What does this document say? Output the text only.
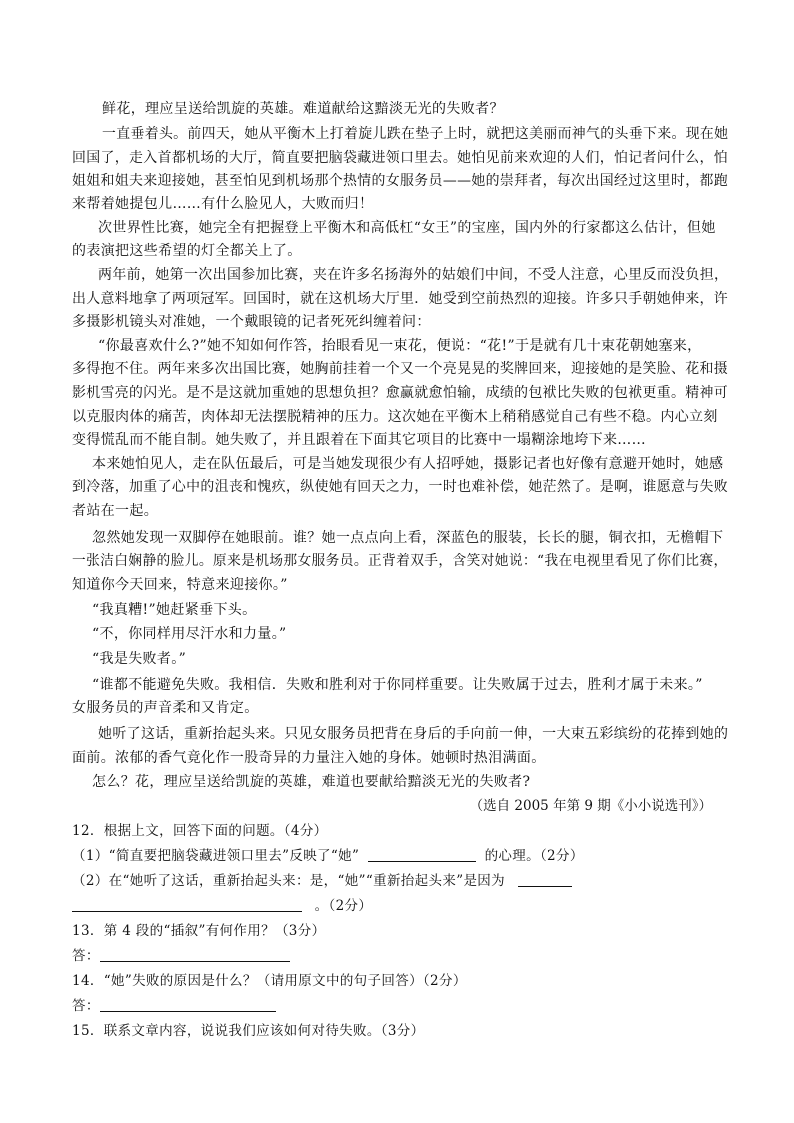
鲜花，理应呈送给凯旋的英雄。难道献给这黯淡无光的失败者？
一直垂着头。前四天，她从平衡木上打着旋儿跌在垫子上时，就把这美丽而神气的头垂下来。现在她
回国了，走入首都机场的大厅，简直要把脑袋藏进领口里去。她怕见前来欢迎的人们，怕记者问什么，怕
姐姐和姐夫来迎接她，甚至怕见到机场那个热情的女服务员——她的崇拜者，每次出国经过这里时，都跑
来帮着她提包儿……有什么脸见人，大败而归！
次世界性比赛，她完全有把握登上平衡木和高低杠“女王”的宝座，国内外的行家都这么估计，但她
的表演把这些希望的灯全都关上了。
两年前，她第一次出国参加比赛，夹在许多名扬海外的姑娘们中间，不受人注意，心里反而没负担，
出人意料地拿了两项冠军。回国时，就在这机场大厅里．她受到空前热烈的迎接。许多只手朝她伸来，许
多摄影机镜头对准她，一个戴眼镜的记者死死纠缠着问：
“你最喜欢什么?”她不知如何作答，抬眼看见一束花，便说：“花!”于是就有几十束花朝她塞来，
多得抱不住。两年来多次出国比赛，她胸前挂着一个又一个亮晃晃的奖牌回来，迎接她的是笑脸、花和摄
影机雪亮的闪光。是不是这就加重她的思想负担？愈赢就愈怕输，成绩的包袱比失败的包袱更重。精神可
以克服肉体的痛苦，肉体却无法摆脱精神的压力。这次她在平衡木上稍稍感觉自己有些不稳。内心立刻
变得慌乱而不能自制。她失败了，并且跟着在下面其它项目的比赛中一塌糊涂地垮下来……
本来她怕见人，走在队伍最后，可是当她发现很少有人招呼她，摄影记者也好像有意避开她时，她感
到冷落，加重了心中的沮丧和愧疚，纵使她有回天之力，一时也难补偿，她茫然了。是啊，谁愿意与失败
者站在一起。
忽然她发现一双脚停在她眼前。谁？她一点点向上看，深蓝色的服装，长长的腿，铜衣扣，无檐帽下
一张洁白娴静的脸儿。原来是机场那女服务员。正背着双手，含笑对她说：“我在电视里看见了你们比赛，
知道你今天回来，特意来迎接你。”
“我真糟!”她赶紧垂下头。
“不，你同样用尽汗水和力量。”
“我是失败者。”
“谁都不能避免失败。我相信．失败和胜利对于你同样重要。让失败属于过去，胜利才属于未来。”
女服务员的声音柔和又肯定。
她听了这话，重新抬起头来。只见女服务员把背在身后的手向前一伸，一大束五彩缤纷的花捧到她的
面前。浓郁的香气竟化作一股奇异的力量注入她的身体。她顿时热泪满面。
怎么？花，理应呈送给凯旋的英雄，难道也要献给黯淡无光的失败者?
（选自 2005 年第 9 期《小小说选刊》）
12．根据上文，回答下面的问题。（4分）
（1）“简直要把脑袋藏进领口里去”反映了“她”	的心理。（2分）
（2）在“她听了这话，重新抬起头来：是，“她”“重新抬起头来”是因为
。（2分）
13．第 4 段的“插叙”有何作用？（3分）
答：
14．“她”失败的原因是什么？（请用原文中的句子回答）（2分）
答：
15．联系文章内容，说说我们应该如何对待失败。（3分）
